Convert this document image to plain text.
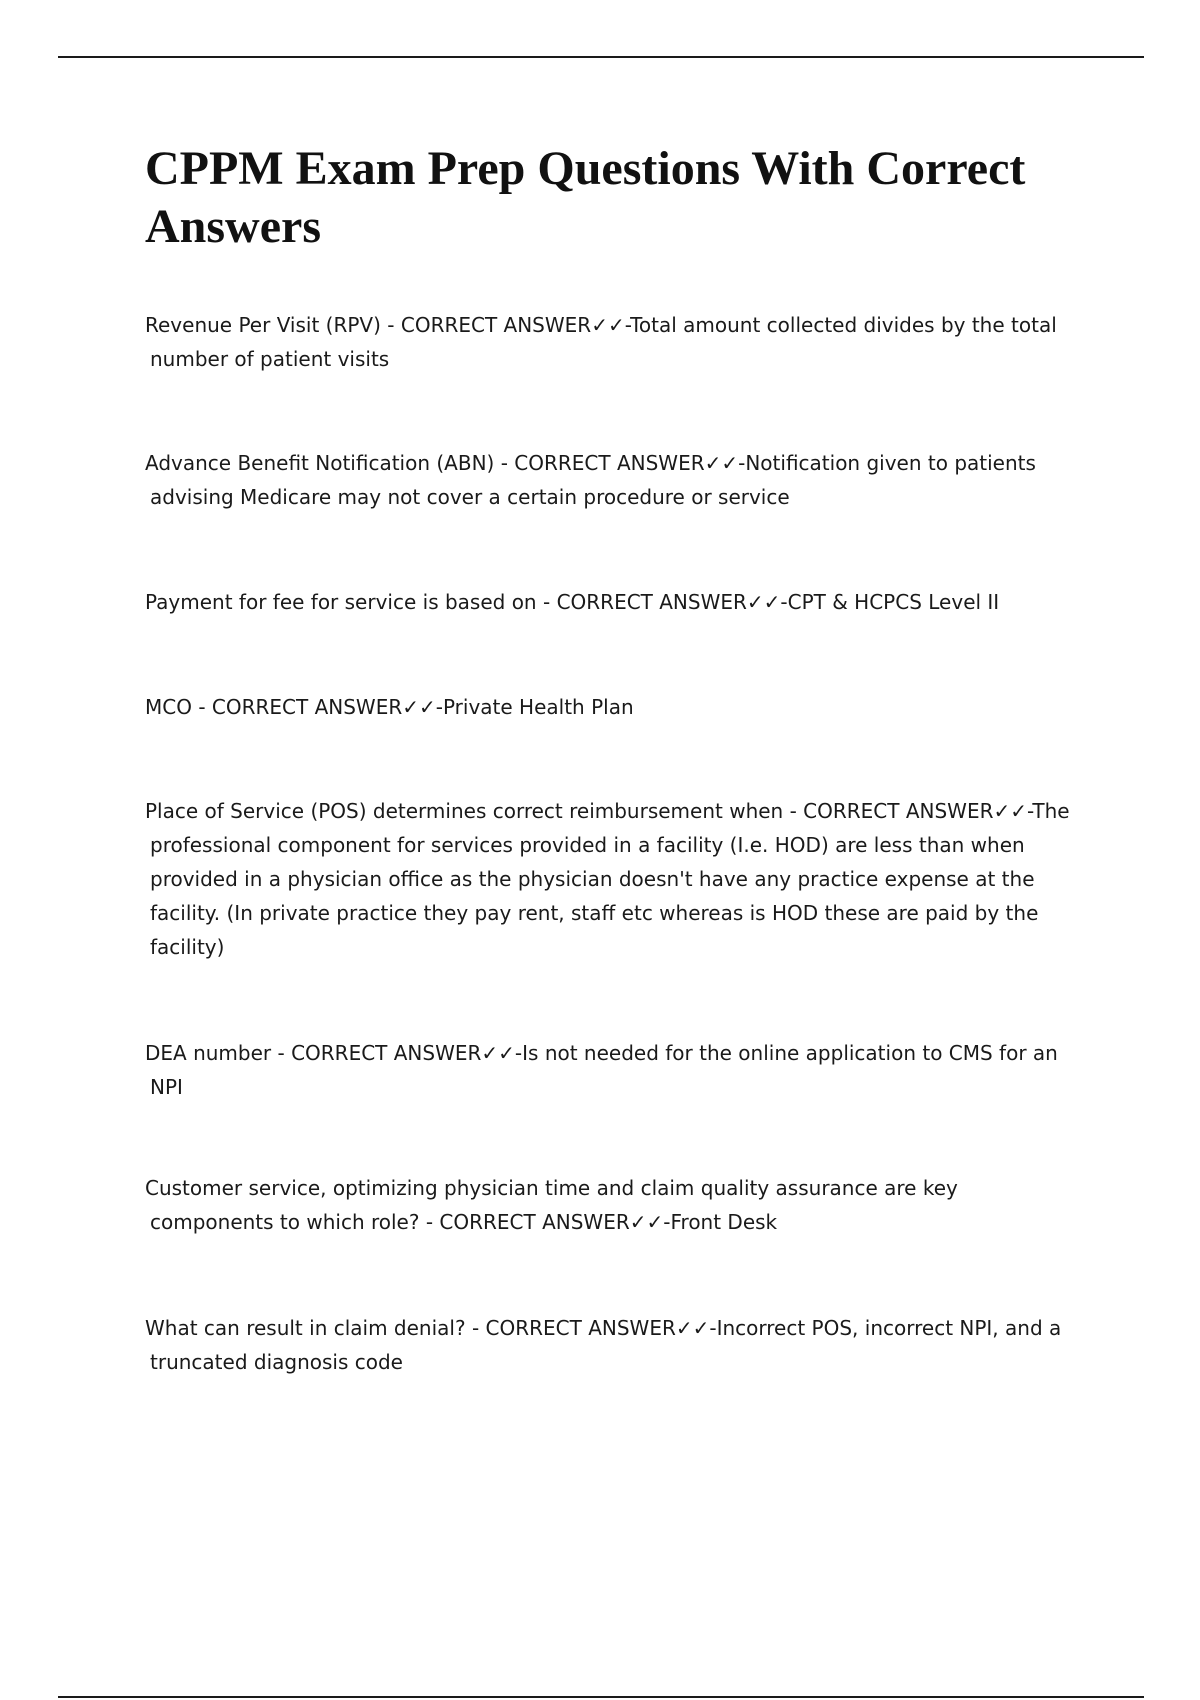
CPPM Exam Prep Questions With Correct Answers

Revenue Per Visit (RPV) - CORRECT ANSWER✓✓-Total amount collected divides by the total number of patient visits

Advance Benefit Notification (ABN) - CORRECT ANSWER✓✓-Notification given to patients advising Medicare may not cover a certain procedure or service

Payment for fee for service is based on - CORRECT ANSWER✓✓-CPT & HCPCS Level II

MCO - CORRECT ANSWER✓✓-Private Health Plan

Place of Service (POS) determines correct reimbursement when - CORRECT ANSWER✓✓-The professional component for services provided in a facility (I.e. HOD) are less than when provided in a physician office as the physician doesn't have any practice expense at the facility. (In private practice they pay rent, staff etc whereas is HOD these are paid by the facility)

DEA number - CORRECT ANSWER✓✓-Is not needed for the online application to CMS for an NPI

Customer service, optimizing physician time and claim quality assurance are key components to which role? - CORRECT ANSWER✓✓-Front Desk

What can result in claim denial? - CORRECT ANSWER✓✓-Incorrect POS, incorrect NPI, and a truncated diagnosis code
